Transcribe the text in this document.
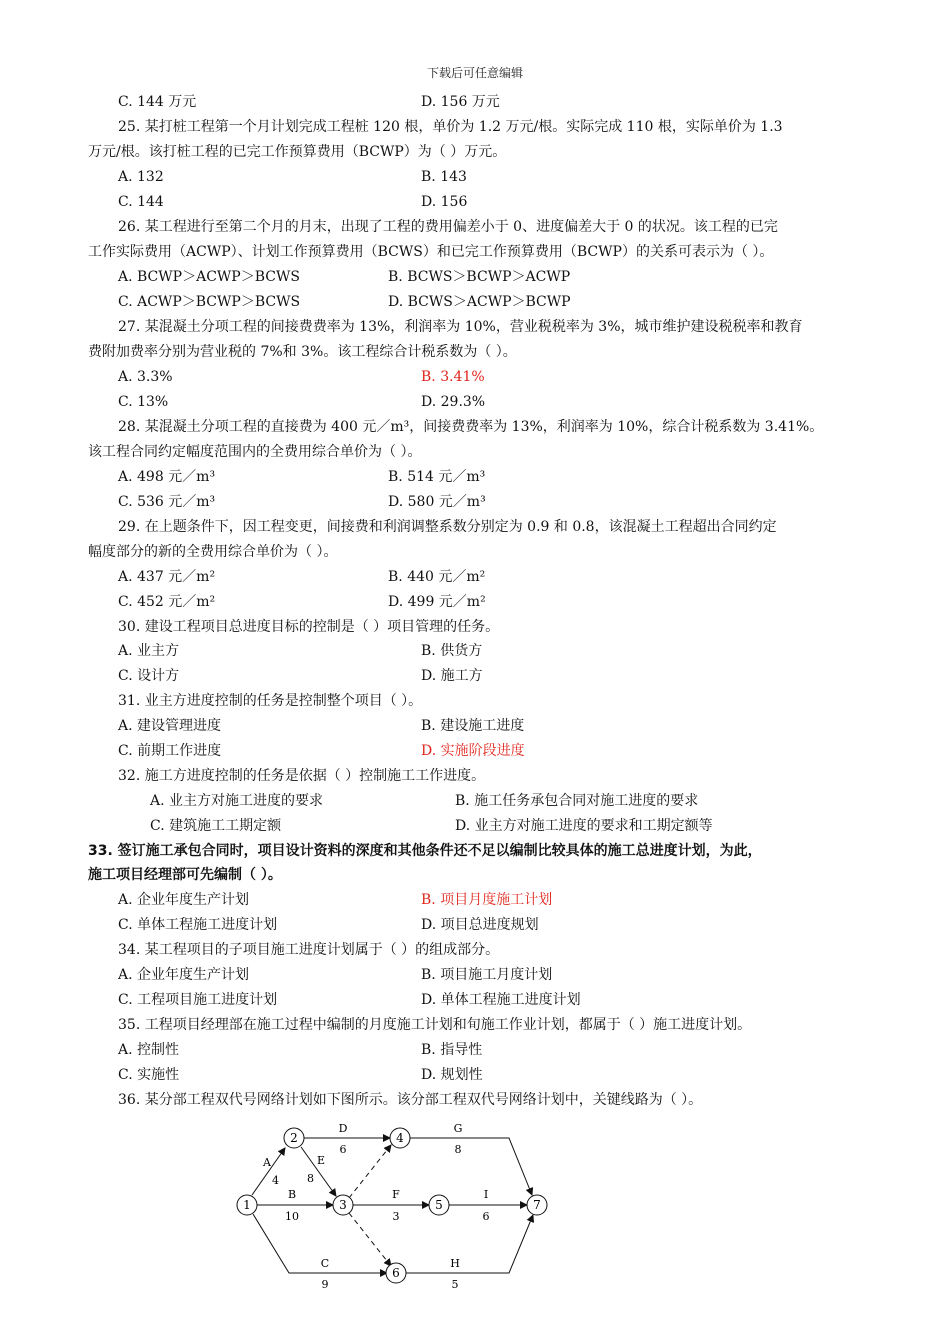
下载后可任意编辑
C. 144 万元	D. 156 万元
25. 某打桩工程第一个月计划完成工程桩 120 根，单价为 1.2 万元/根。实际完成 110 根，实际单价为 1.3
万元/根。该打桩工程的已完工作预算费用（BCWP）为（ ）万元。
A. 132	B. 143
C. 144	D. 156
26. 某工程进行至第二个月的月末，出现了工程的费用偏差小于 0、进度偏差大于 0 的状况。该工程的已完
工作实际费用（ACWP）、计划工作预算费用（BCWS）和已完工作预算费用（BCWP）的关系可表示为（ ）。
A. BCWP＞ACWP＞BCWS	B. BCWS＞BCWP＞ACWP
C. ACWP＞BCWP＞BCWS	D. BCWS＞ACWP＞BCWP
27. 某混凝土分项工程的间接费费率为 13%，利润率为 10%，营业税税率为 3%，城市维护建设税税率和教育
费附加费率分别为营业税的 7%和 3%。该工程综合计税系数为（ ）。
A. 3.3%	B. 3.41%
C. 13%	D. 29.3%
28. 某混凝土分项工程的直接费为 400 元／m³，间接费费率为 13%，利润率为 10%，综合计税系数为 3.41%。
该工程合同约定幅度范围内的全费用综合单价为（ ）。
A. 498 元／m³	B. 514 元／m³
C. 536 元／m³	D. 580 元／m³
29. 在上题条件下，因工程变更，间接费和利润调整系数分别定为 0.9 和 0.8，该混凝土工程超出合同约定
幅度部分的新的全费用综合单价为（ ）。
A. 437 元／m²	B. 440 元／m²
C. 452 元／m²	D. 499 元／m²
30. 建设工程项目总进度目标的控制是（ ）项目管理的任务。
A. 业主方	B. 供货方
C. 设计方	D. 施工方
31. 业主方进度控制的任务是控制整个项目（ ）。
A. 建设管理进度	B. 建设施工进度
C. 前期工作进度	D. 实施阶段进度
32. 施工方进度控制的任务是依据（ ）控制施工工作进度。
A. 业主方对施工进度的要求	B. 施工任务承包合同对施工进度的要求
C. 建筑施工工期定额	D. 业主方对施工进度的要求和工期定额等
33. 签订施工承包合同时，项目设计资料的深度和其他条件还不足以编制比较具体的施工总进度计划，为此，
施工项目经理部可先编制（ ）。
A. 企业年度生产计划	B. 项目月度施工计划
C. 单体工程施工进度计划	D. 项目总进度规划
34. 某工程项目的子项目施工进度计划属于（ ）的组成部分。
A. 企业年度生产计划	B. 项目施工月度计划
C. 工程项目施工进度计划	D. 单体工程施工进度计划
35. 工程项目经理部在施工过程中编制的月度施工计划和旬施工作业计划，都属于（ ）施工进度计划。
A. 控制性	B. 指导性
C. 实施性	D. 规划性
36. 某分部工程双代号网络计划如下图所示。该分部工程双代号网络计划中，关键线路为（ ）。
1
2
3
4
5
6
7
A
4
B
10
C
9
D
6
E
8
F
3
G
8
H
5
I
6
